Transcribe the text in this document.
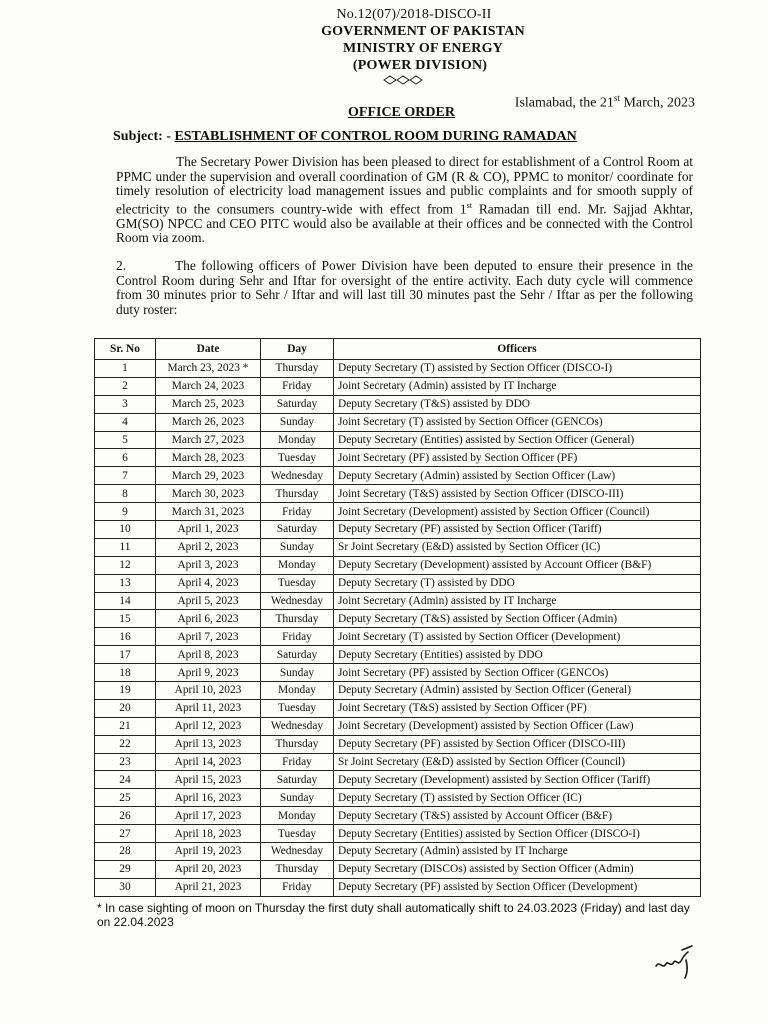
No.12(07)/2018-DISCO-II
GOVERNMENT OF PAKISTAN
MINISTRY OF ENERGY
(POWER DIVISION)
Islamabad, the 21st March, 2023
OFFICE ORDER
Subject: - ESTABLISHMENT OF CONTROL ROOM DURING RAMADAN
The Secretary Power Division has been pleased to direct for establishment of a Control Room at PPMC under the supervision and overall coordination of GM (R & CO), PPMC to monitor/ coordinate for timely resolution of electricity load management issues and public complaints and for smooth supply of electricity to the consumers country-wide with effect from 1st Ramadan till end. Mr. Sajjad Akhtar, GM(SO) NPCC and CEO PITC would also be available at their offices and be connected with the Control Room via zoom.
2.	The following officers of Power Division have been deputed to ensure their presence in the Control Room during Sehr and Iftar for oversight of the entire activity. Each duty cycle will commence from 30 minutes prior to Sehr / Iftar and will last till 30 minutes past the Sehr / Iftar as per the following duty roster:
Sr. No	Date	Day	Officers
1	March 23, 2023 *	Thursday	Deputy Secretary (T) assisted by Section Officer (DISCO-I)
2	March 24, 2023	Friday	Joint Secretary (Admin) assisted by IT Incharge
3	March 25, 2023	Saturday	Deputy Secretary (T&S) assisted by DDO
4	March 26, 2023	Sunday	Joint Secretary (T) assisted by Section Officer (GENCOs)
5	March 27, 2023	Monday	Deputy Secretary (Entities) assisted by Section Officer (General)
6	March 28, 2023	Tuesday	Joint Secretary (PF) assisted by Section Officer (PF)
7	March 29, 2023	Wednesday	Deputy Secretary (Admin) assisted by Section Officer (Law)
8	March 30, 2023	Thursday	Joint Secretary (T&S) assisted by Section Officer (DISCO-III)
9	March 31, 2023	Friday	Joint Secretary (Development) assisted by Section Officer (Council)
10	April 1, 2023	Saturday	Deputy Secretary (PF) assisted by Section Officer (Tariff)
11	April 2, 2023	Sunday	Sr Joint Secretary (E&D) assisted by Section Officer (IC)
12	April 3, 2023	Monday	Deputy Secretary (Development) assisted by Account Officer (B&F)
13	April 4, 2023	Tuesday	Deputy Secretary (T) assisted by DDO
14	April 5, 2023	Wednesday	Joint Secretary (Admin) assisted by IT Incharge
15	April 6, 2023	Thursday	Deputy Secretary (T&S) assisted by Section Officer (Admin)
16	April 7, 2023	Friday	Joint Secretary (T) assisted by Section Officer (Development)
17	April 8, 2023	Saturday	Deputy Secretary (Entities) assisted by DDO
18	April 9, 2023	Sunday	Joint Secretary (PF) assisted by Section Officer (GENCOs)
19	April 10, 2023	Monday	Deputy Secretary (Admin) assisted by Section Officer (General)
20	April 11, 2023	Tuesday	Joint Secretary (T&S) assisted by Section Officer (PF)
21	April 12, 2023	Wednesday	Joint Secretary (Development) assisted by Section Officer (Law)
22	April 13, 2023	Thursday	Deputy Secretary (PF) assisted by Section Officer (DISCO-III)
23	April 14, 2023	Friday	Sr Joint Secretary (E&D) assisted by Section Officer (Council)
24	April 15, 2023	Saturday	Deputy Secretary (Development) assisted by Section Officer (Tariff)
25	April 16, 2023	Sunday	Deputy Secretary (T) assisted by Section Officer (IC)
26	April 17, 2023	Monday	Deputy Secretary (T&S) assisted by Account Officer (B&F)
27	April 18, 2023	Tuesday	Deputy Secretary (Entities) assisted by Section Officer (DISCO-I)
28	April 19, 2023	Wednesday	Deputy Secretary (Admin) assisted by IT Incharge
29	April 20, 2023	Thursday	Deputy Secretary (DISCOs) assisted by Section Officer (Admin)
30	April 21, 2023	Friday	Deputy Secretary (PF) assisted by Section Officer (Development)
* In case sighting of moon on Thursday the first duty shall automatically shift to 24.03.2023 (Friday) and last day on 22.04.2023
